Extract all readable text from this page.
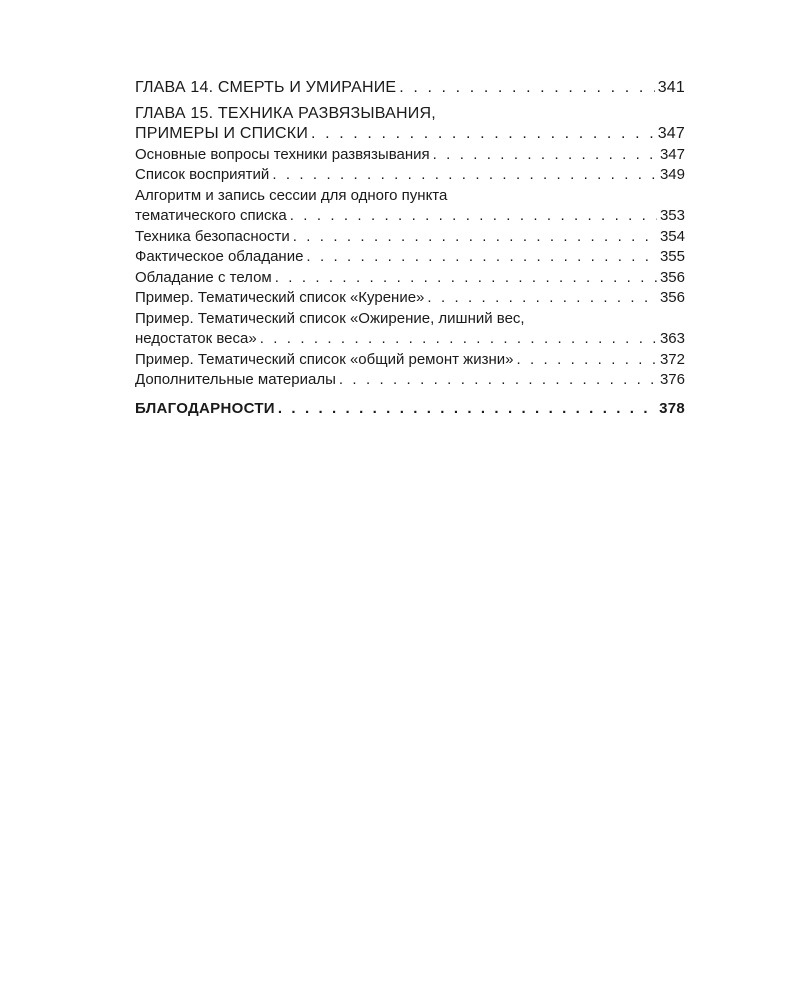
ГЛАВА 14. СМЕРТЬ И УМИРАНИЕ . . .	341
ГЛАВА 15. ТЕХНИКА РАЗВЯЗЫВАНИЯ,
ПРИМЕРЫ И СПИСКИ . . .	347
Основные вопросы техники развязывания . . .	347
Список восприятий . . .	349
Алгоритм и запись сессии для одного пункта
тематического списка . . .	353
Техника безопасности . . .	354
Фактическое обладание . . .	355
Обладание с телом . . .	356
Пример. Тематический список «Курение» . . .	356
Пример. Тематический список «Ожирение, лишний вес,
недостаток веса» . . .	363
Пример. Тематический список «общий ремонт жизни» . . .	372
Дополнительные материалы . . .	376
БЛАГОДАРНОСТИ . . .	378
